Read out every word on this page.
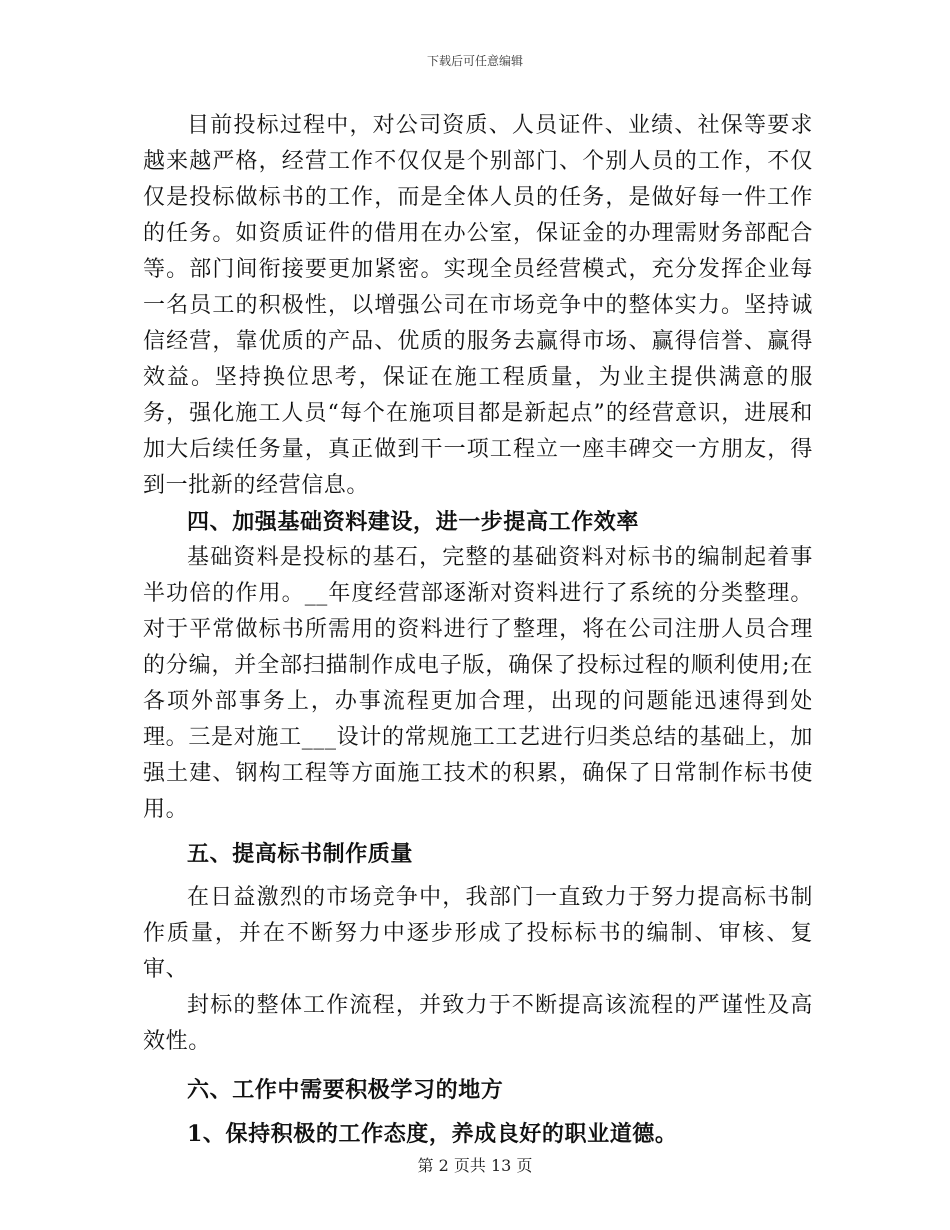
下载后可任意编辑

目前投标过程中，对公司资质、人员证件、业绩、社保等要求越来越严格，经营工作不仅仅是个别部门、个别人员的工作，不仅仅是投标做标书的工作，而是全体人员的任务，是做好每一件工作的任务。如资质证件的借用在办公室，保证金的办理需财务部配合等。部门间衔接要更加紧密。实现全员经营模式，充分发挥企业每一名员工的积极性，以增强公司在市场竞争中的整体实力。坚持诚信经营，靠优质的产品、优质的服务去赢得市场、赢得信誉、赢得效益。坚持换位思考，保证在施工程质量，为业主提供满意的服务，强化施工人员“每个在施项目都是新起点”的经营意识，进展和加大后续任务量，真正做到干一项工程立一座丰碑交一方朋友，得到一批新的经营信息。

四、加强基础资料建设，进一步提高工作效率

基础资料是投标的基石，完整的基础资料对标书的编制起着事半功倍的作用。__年度经营部逐渐对资料进行了系统的分类整理。对于平常做标书所需用的资料进行了整理，将在公司注册人员合理的分编，并全部扫描制作成电子版，确保了投标过程的顺利使用;在各项外部事务上，办事流程更加合理，出现的问题能迅速得到处理。三是对施工___设计的常规施工工艺进行归类总结的基础上，加强土建、钢构工程等方面施工技术的积累，确保了日常制作标书使用。

五、提高标书制作质量

在日益激烈的市场竞争中，我部门一直致力于努力提高标书制作质量，并在不断努力中逐步形成了投标标书的编制、审核、复审、

封标的整体工作流程，并致力于不断提高该流程的严谨性及高效性。

六、工作中需要积极学习的地方

1、保持积极的工作态度，养成良好的职业道德。

第 2 页共 13 页
